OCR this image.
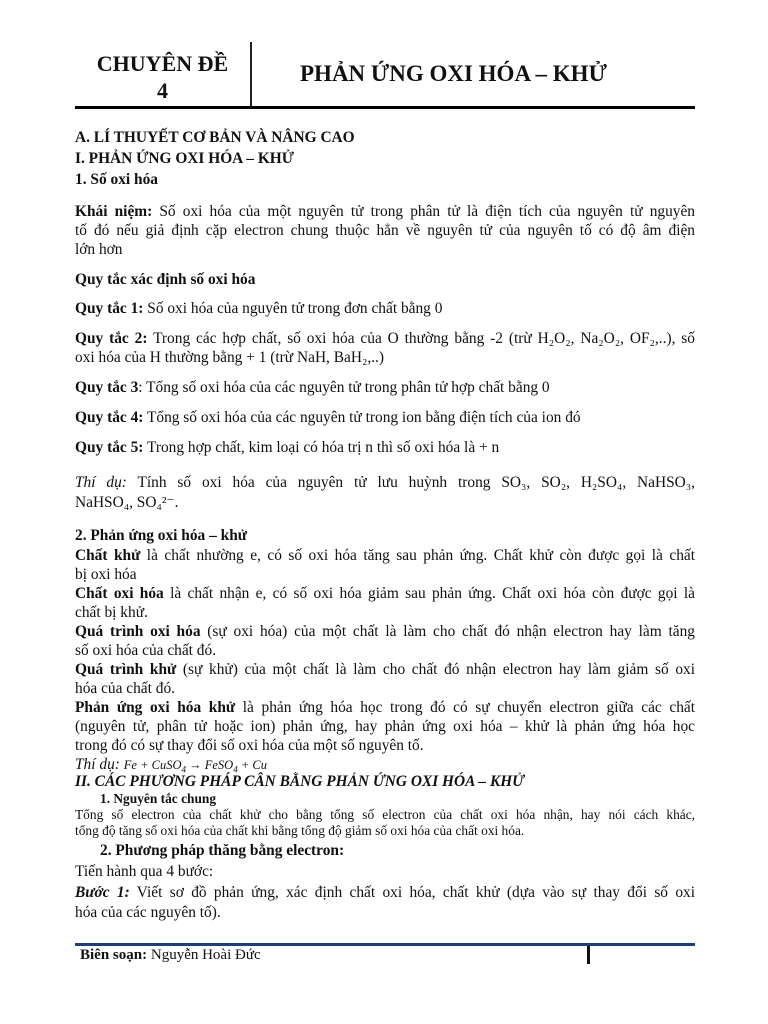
CHUYÊN ĐỀ
4
PHẢN ỨNG OXI HÓA – KHỬ
A. LÍ THUYẾT CƠ BẢN VÀ NÂNG CAO
I. PHẢN ỨNG OXI HÓA – KHỬ
1. Số oxi hóa
Khái niệm: Số oxi hóa của một nguyên tử trong phân tử là điện tích của nguyên tử nguyên
tố đó nếu giả định cặp electron chung thuộc hẳn về nguyên tử của nguyên tố có độ âm điện
lớn hơn
Quy tắc xác định số oxi hóa
Quy tắc 1: Số oxi hóa của nguyên tử trong đơn chất bằng 0
Quy tắc 2: Trong các hợp chất, số oxi hóa của O thường bằng -2 (trừ H₂O₂, Na₂O₂, OF₂,..), số
oxi hóa của H thường bằng + 1 (trừ NaH, BaH₂,..)
Quy tắc 3: Tổng số oxi hóa của các nguyên tử trong phân tử hợp chất bằng 0
Quy tắc 4: Tổng số oxi hóa của các nguyên tử trong ion bằng điện tích của ion đó
Quy tắc 5: Trong hợp chất, kim loại có hóa trị n thì số oxi hóa là + n
Thí dụ: Tính số oxi hóa của nguyên tử lưu huỳnh trong SO₃, SO₂, H₂SO₄, NaHSO₃,
NaHSO₄, SO₄²⁻.
2. Phản ứng oxi hóa – khử
Chất khử là chất nhường e, có số oxi hóa tăng sau phản ứng. Chất khử còn được gọi là chất
bị oxi hóa
Chất oxi hóa là chất nhận e, có số oxi hóa giảm sau phản ứng. Chất oxi hóa còn được gọi là
chất bị khử.
Quá trình oxi hóa (sự oxi hóa) của một chất là làm cho chất đó nhận electron hay làm tăng
số oxi hóa của chất đó.
Quá trình khử (sự khử) của một chất là làm cho chất đó nhận electron hay làm giảm số oxi
hóa của chất đó.
Phản ứng oxi hóa khử là phản ứng hóa học trong đó có sự chuyển electron giữa các chất
(nguyên tử, phân tử hoặc ion) phản ứng, hay phản ứng oxi hóa – khử là phản ứng hóa học
trong đó có sự thay đổi số oxi hóa của một số nguyên tố.
Thí dụ: Fe + CuSO$_4$ → FeSO$_4$ + Cu
II. CÁC PHƯƠNG PHÁP CÂN BẰNG PHẢN ỨNG OXI HÓA – KHỬ
1. Nguyên tắc chung
Tổng số electron của chất khử cho bằng tổng số electron của chất oxi hóa nhận, hay nói cách khác,
tổng độ tăng số oxi hóa của chất khi bằng tổng độ giảm số oxi hóa của chất oxi hóa.
2. Phương pháp thăng bằng electron:
Tiến hành qua 4 bước:
Bước 1: Viết sơ đồ phản ứng, xác định chất oxi hóa, chất khử (dựa vào sự thay đổi số oxi
hóa của các nguyên tố).
Biên soạn: Nguyễn Hoài Đức
